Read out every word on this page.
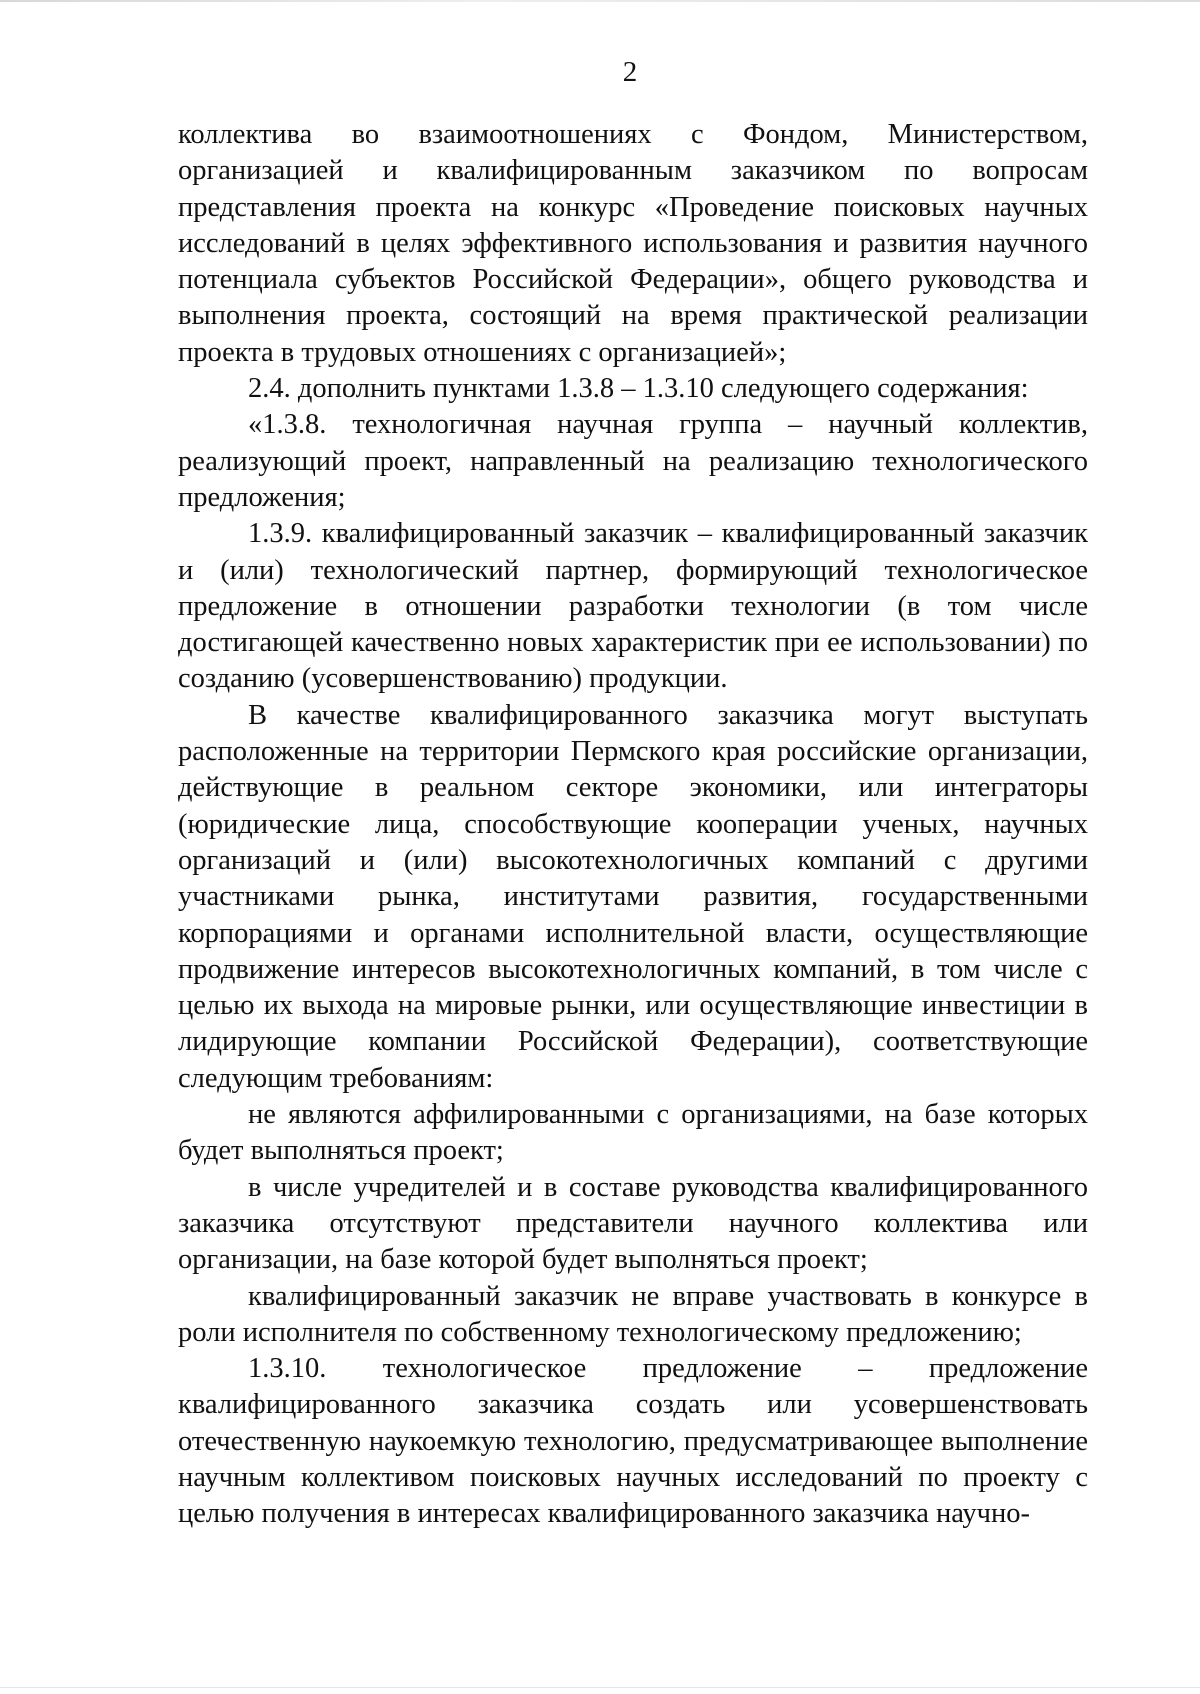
2

коллектива во взаимоотношениях с Фондом, Министерством, организацией и квалифицированным заказчиком по вопросам представления проекта на конкурс «Проведение поисковых научных исследований в целях эффективного использования и развития научного потенциала субъектов Российской Федерации», общего руководства и выполнения проекта, состоящий на время практической реализации проекта в трудовых отношениях с организацией»;

2.4. дополнить пунктами 1.3.8 – 1.3.10 следующего содержания:

«1.3.8. технологичная научная группа – научный коллектив, реализующий проект, направленный на реализацию технологического предложения;

1.3.9. квалифицированный заказчик – квалифицированный заказчик и (или) технологический партнер, формирующий технологическое предложение в отношении разработки технологии (в том числе достигающей качественно новых характеристик при ее использовании) по созданию (усовершенствованию) продукции.

В качестве квалифицированного заказчика могут выступать расположенные на территории Пермского края российские организации, действующие в реальном секторе экономики, или интеграторы (юридические лица, способствующие кооперации ученых, научных организаций и (или) высокотехнологичных компаний с другими участниками рынка, институтами развития, государственными корпорациями и органами исполнительной власти, осуществляющие продвижение интересов высокотехнологичных компаний, в том числе с целью их выхода на мировые рынки, или осуществляющие инвестиции в лидирующие компании Российской Федерации), соответствующие следующим требованиям:

не являются аффилированными с организациями, на базе которых будет выполняться проект;

в числе учредителей и в составе руководства квалифицированного заказчика отсутствуют представители научного коллектива или организации, на базе которой будет выполняться проект;

квалифицированный заказчик не вправе участвовать в конкурсе в роли исполнителя по собственному технологическому предложению;

1.3.10. технологическое предложение – предложение квалифицированного заказчика создать или усовершенствовать отечественную наукоемкую технологию, предусматривающее выполнение научным коллективом поисковых научных исследований по проекту с целью получения в интересах квалифицированного заказчика научно-
